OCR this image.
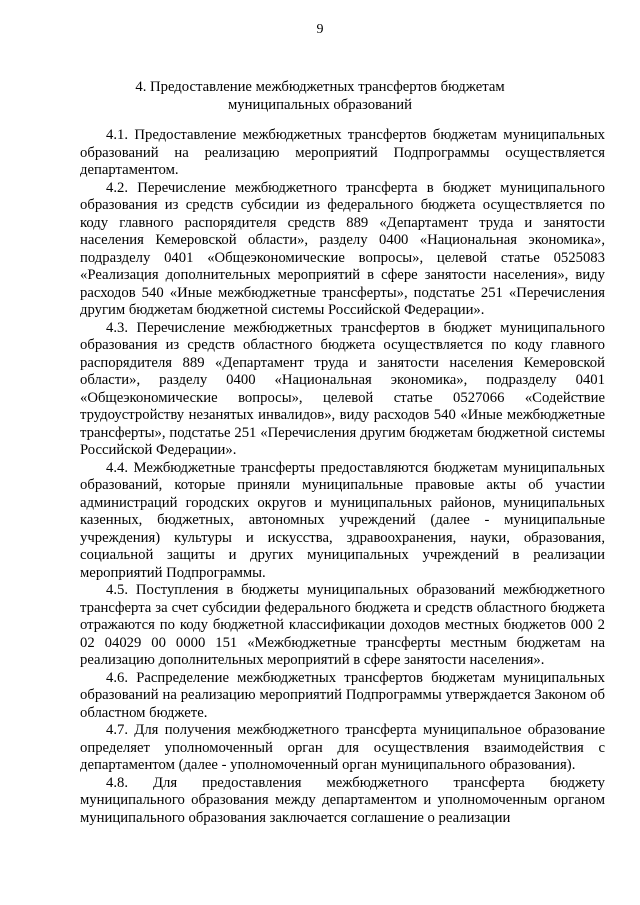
9
4. Предоставление межбюджетных трансфертов бюджетам
муниципальных образований

4.1. Предоставление межбюджетных трансфертов бюджетам муниципальных образований на реализацию мероприятий Подпрограммы осуществляется департаментом.

4.2. Перечисление межбюджетного трансферта в бюджет муниципального образования из средств субсидии из федерального бюджета осуществляется по коду главного распорядителя средств 889 «Департамент труда и занятости населения Кемеровской области», разделу 0400 «Национальная экономика», подразделу 0401 «Общеэкономические вопросы», целевой статье 0525083 «Реализация дополнительных мероприятий в сфере занятости населения», виду расходов 540 «Иные межбюджетные трансферты», подстатье 251 «Перечисления другим бюджетам бюджетной системы Российской Федерации».

4.3. Перечисление межбюджетных трансфертов в бюджет муниципального образования из средств областного бюджета осуществляется по коду главного распорядителя 889 «Департамент труда и занятости населения Кемеровской области», разделу 0400 «Национальная экономика», подразделу 0401 «Общеэкономические вопросы», целевой статье 0527066 «Содействие трудоустройству незанятых инвалидов», виду расходов 540 «Иные межбюджетные трансферты», подстатье 251 «Перечисления другим бюджетам бюджетной системы Российской Федерации».

4.4. Межбюджетные трансферты предоставляются бюджетам муниципальных образований, которые приняли муниципальные правовые акты об участии администраций городских округов и муниципальных районов, муниципальных казенных, бюджетных, автономных учреждений (далее - муниципальные учреждения) культуры и искусства, здравоохранения, науки, образования, социальной защиты и других муниципальных учреждений в реализации мероприятий Подпрограммы.

4.5. Поступления в бюджеты муниципальных образований межбюджетного трансферта за счет субсидии федерального бюджета и средств областного бюджета отражаются по коду бюджетной классификации доходов местных бюджетов 000 2 02 04029 00 0000 151 «Межбюджетные трансферты местным бюджетам на реализацию дополнительных мероприятий в сфере занятости населения».

4.6. Распределение межбюджетных трансфертов бюджетам муниципальных образований на реализацию мероприятий Подпрограммы утверждается Законом об областном бюджете.

4.7. Для получения межбюджетного трансферта муниципальное образование определяет уполномоченный орган для осуществления взаимодействия с департаментом (далее - уполномоченный орган муниципального образования).

4.8. Для предоставления межбюджетного трансферта бюджету муниципального образования между департаментом и уполномоченным органом муниципального образования заключается соглашение о реализации
